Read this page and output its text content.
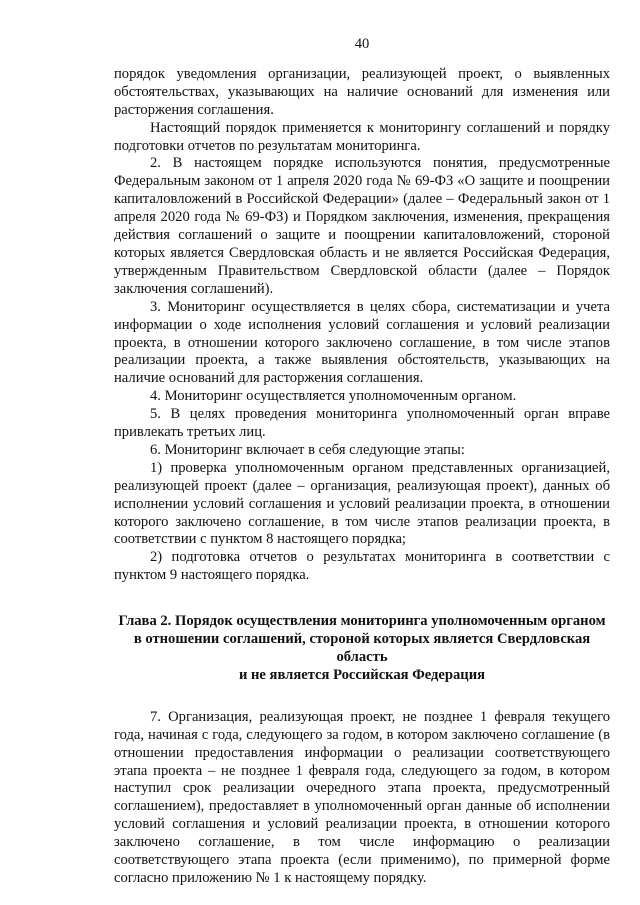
40

порядок уведомления организации, реализующей проект, о выявленных обстоятельствах, указывающих на наличие оснований для изменения или расторжения соглашения.

Настоящий порядок применяется к мониторингу соглашений и порядку подготовки отчетов по результатам мониторинга.

2. В настоящем порядке используются понятия, предусмотренные Федеральным законом от 1 апреля 2020 года № 69-ФЗ «О защите и поощрении капиталовложений в Российской Федерации» (далее – Федеральный закон от 1 апреля 2020 года № 69-ФЗ) и Порядком заключения, изменения, прекращения действия соглашений о защите и поощрении капиталовложений, стороной которых является Свердловская область и не является Российская Федерация, утвержденным Правительством Свердловской области (далее – Порядок заключения соглашений).

3. Мониторинг осуществляется в целях сбора, систематизации и учета информации о ходе исполнения условий соглашения и условий реализации проекта, в отношении которого заключено соглашение, в том числе этапов реализации проекта, а также выявления обстоятельств, указывающих на наличие оснований для расторжения соглашения.

4. Мониторинг осуществляется уполномоченным органом.

5. В целях проведения мониторинга уполномоченный орган вправе привлекать третьих лиц.

6. Мониторинг включает в себя следующие этапы:

1) проверка уполномоченным органом представленных организацией, реализующей проект (далее – организация, реализующая проект), данных об исполнении условий соглашения и условий реализации проекта, в отношении которого заключено соглашение, в том числе этапов реализации проекта, в соответствии с пунктом 8 настоящего порядка;

2) подготовка отчетов о результатах мониторинга в соответствии с пунктом 9 настоящего порядка.

Глава 2. Порядок осуществления мониторинга уполномоченным органом
в отношении соглашений, стороной которых является Свердловская область
и не является Российская Федерация

7. Организация, реализующая проект, не позднее 1 февраля текущего года, начиная с года, следующего за годом, в котором заключено соглашение (в отношении предоставления информации о реализации соответствующего этапа проекта – не позднее 1 февраля года, следующего за годом, в котором наступил срок реализации очередного этапа проекта, предусмотренный соглашением), предоставляет в уполномоченный орган данные об исполнении условий соглашения и условий реализации проекта, в отношении которого заключено соглашение, в том числе информацию о реализации соответствующего этапа проекта (если применимо), по примерной форме согласно приложению № 1 к настоящему порядку.
